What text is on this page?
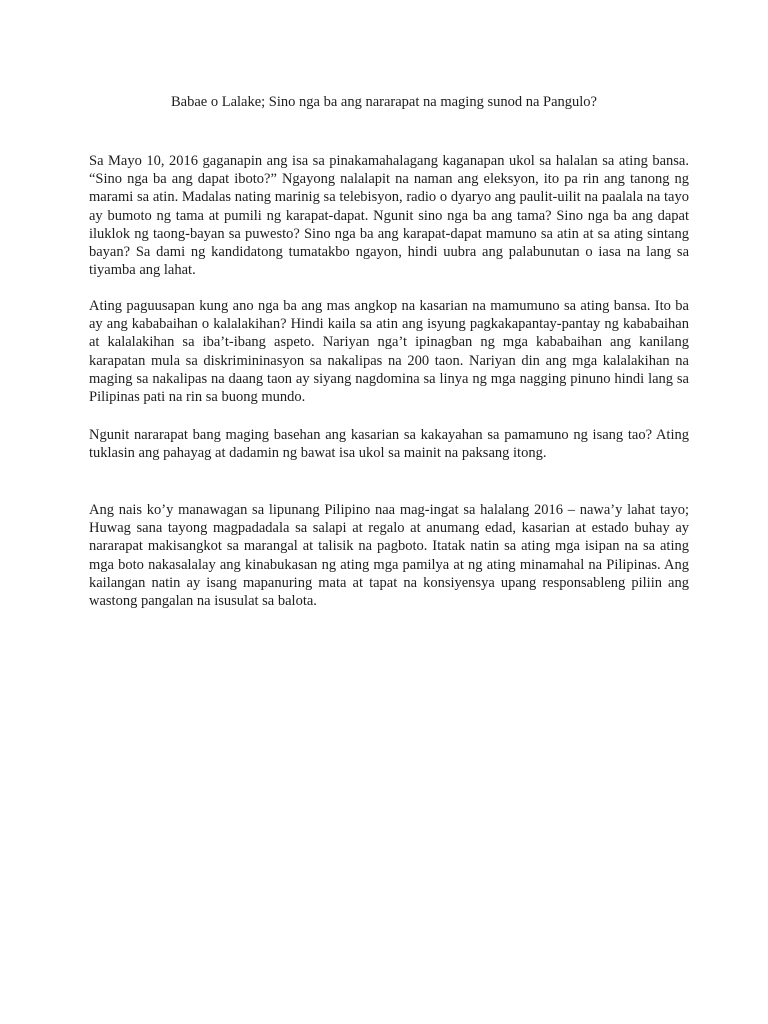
Babae o Lalake; Sino nga ba ang nararapat na maging sunod na Pangulo?

Sa Mayo 10, 2016 gaganapin ang isa sa pinakamahalagang kaganapan ukol sa halalan sa ating bansa. “Sino nga ba ang dapat iboto?” Ngayong nalalapit na naman ang eleksyon, ito pa rin ang tanong ng marami sa atin. Madalas nating marinig sa telebisyon, radio o dyaryo ang paulit-uilit na paalala na tayo ay bumoto ng tama at pumili ng karapat-dapat. Ngunit sino nga ba ang tama? Sino nga ba ang dapat iluklok ng taong-bayan sa puwesto? Sino nga ba ang karapat-dapat mamuno sa atin at sa ating sintang bayan? Sa dami ng kandidatong tumatakbo ngayon, hindi uubra ang palabunutan o iasa na lang sa tiyamba ang lahat.

Ating paguusapan kung ano nga ba ang mas angkop na kasarian na mamumuno sa ating bansa. Ito ba ay ang kababaihan o kalalakihan? Hindi kaila sa atin ang isyung pagkakapantay-pantay ng kababaihan at kalalakihan sa iba’t-ibang aspeto. Nariyan nga’t ipinagban ng mga kababaihan ang kanilang karapatan mula sa diskrimininasyon sa nakalipas na 200 taon. Nariyan din ang mga kalalakihan na maging sa nakalipas na daang taon ay siyang nagdomina sa linya ng mga nagging pinuno hindi lang sa Pilipinas pati na rin sa buong mundo.

Ngunit nararapat bang maging basehan ang kasarian sa kakayahan sa pamamuno ng isang tao? Ating tuklasin ang pahayag at dadamin ng bawat isa ukol sa mainit na paksang itong.

Ang nais ko’y manawagan sa lipunang Pilipino naa mag-ingat sa halalang 2016 – nawa’y lahat tayo; Huwag sana tayong magpadadala sa salapi at regalo at anumang edad, kasarian at estado buhay ay nararapat makisangkot sa marangal at talisik na pagboto. Itatak natin sa ating mga isipan na sa ating mga boto nakasalalay ang kinabukasan ng ating mga pamilya at ng ating minamahal na Pilipinas. Ang kailangan natin ay isang mapanuring mata at tapat na konsiyensya upang responsableng piliin ang wastong pangalan na isusulat sa balota.
